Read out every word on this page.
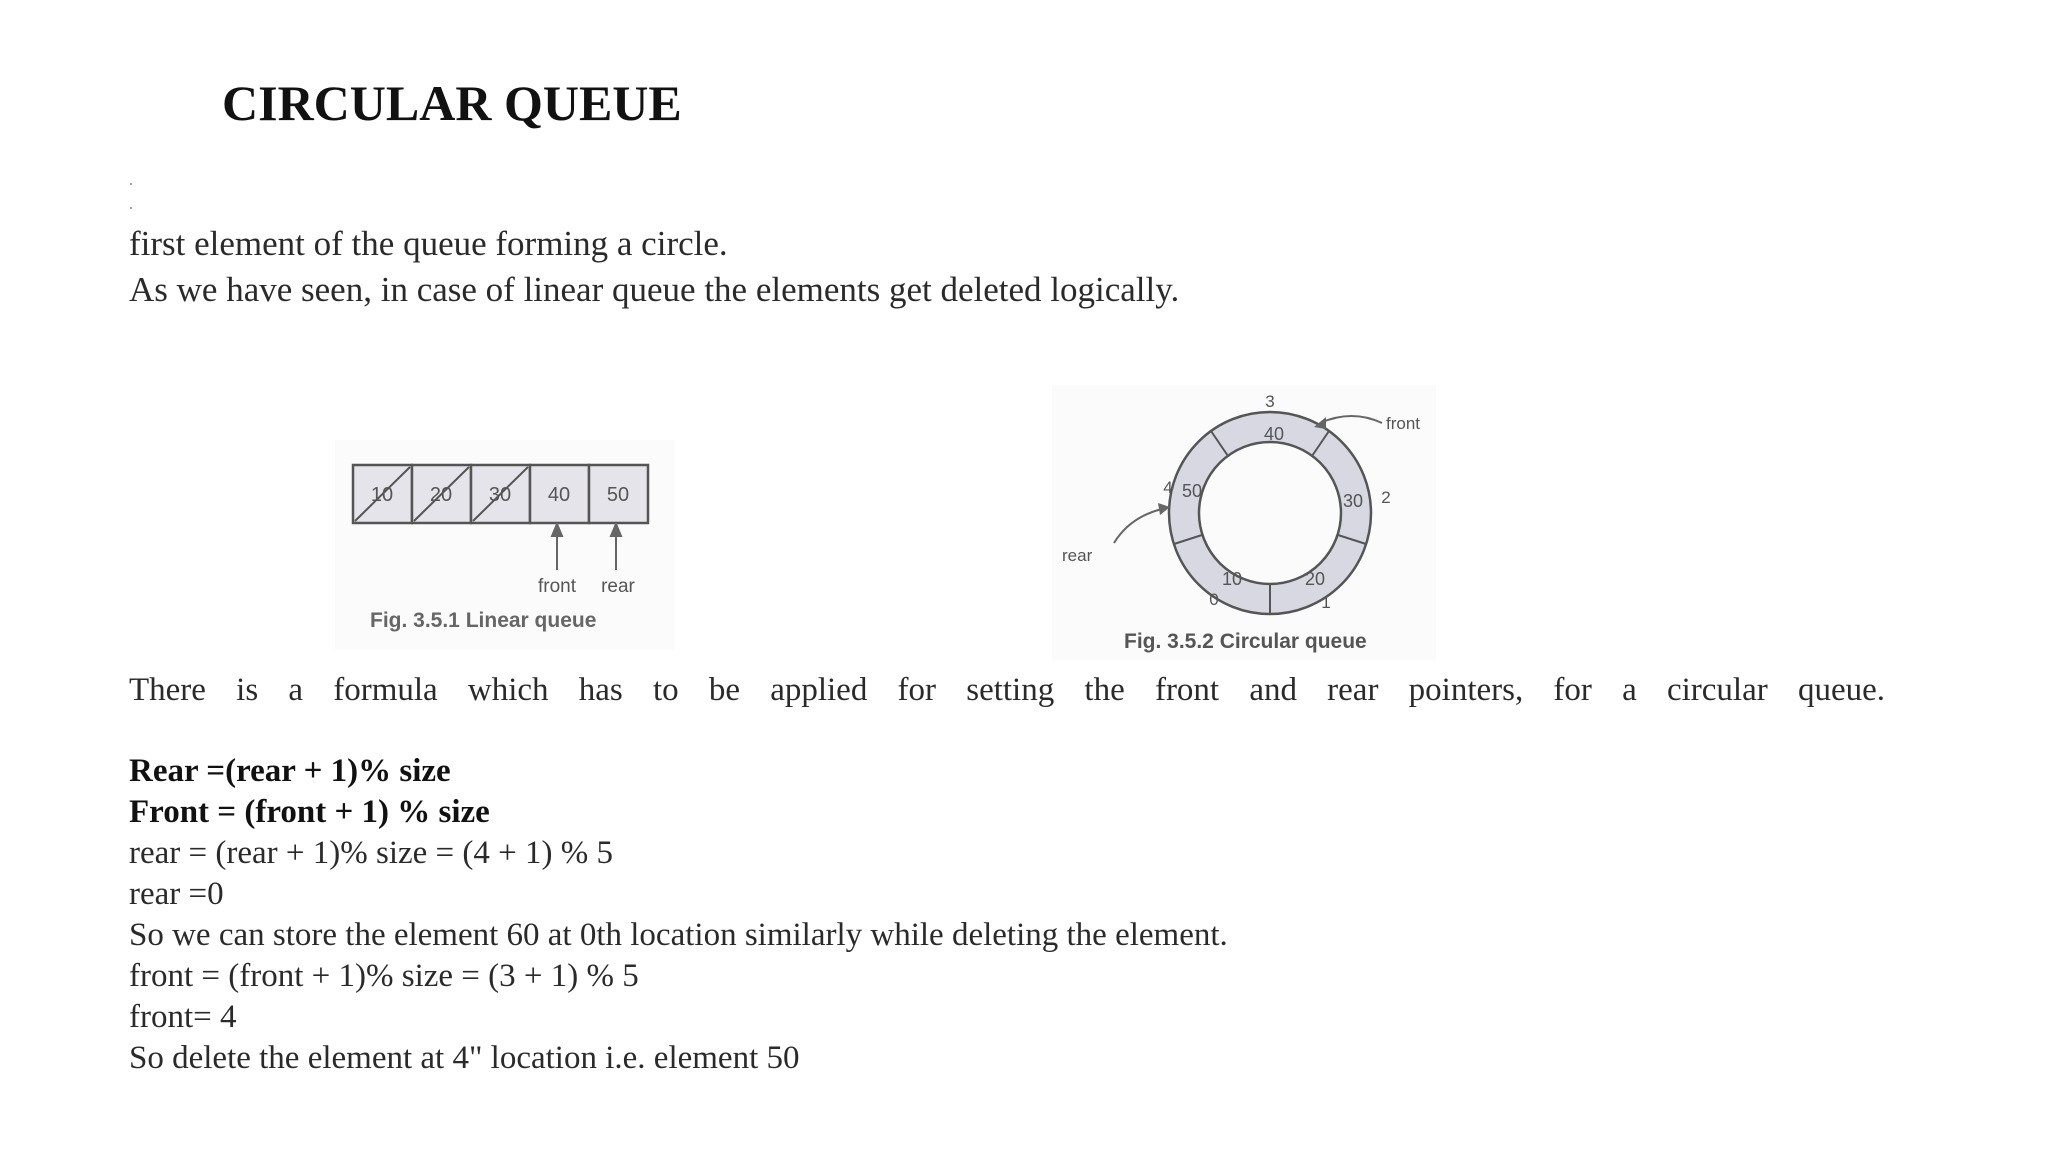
CIRCULAR QUEUE
first element of the queue forming a circle.
As we have seen, in case of linear queue the elements get deleted logically.
10 20 30 40 50
front rear
Fig. 3.5.1 Linear queue
10	20
30
40
50
0	1
2
3
4
front
rear
Fig. 3.5.2 Circular queue
There is a formula which has to be applied for setting the front and rear pointers, for a circular queue.
Rear =(rear + 1)% size
Front = (front + 1) % size
rear = (rear + 1)% size = (4 + 1) % 5
rear =0
So we can store the element 60 at 0th location similarly while deleting the element.
front = (front + 1)% size = (3 + 1) % 5
front= 4
So delete the element at 4" location i.e. element 50
